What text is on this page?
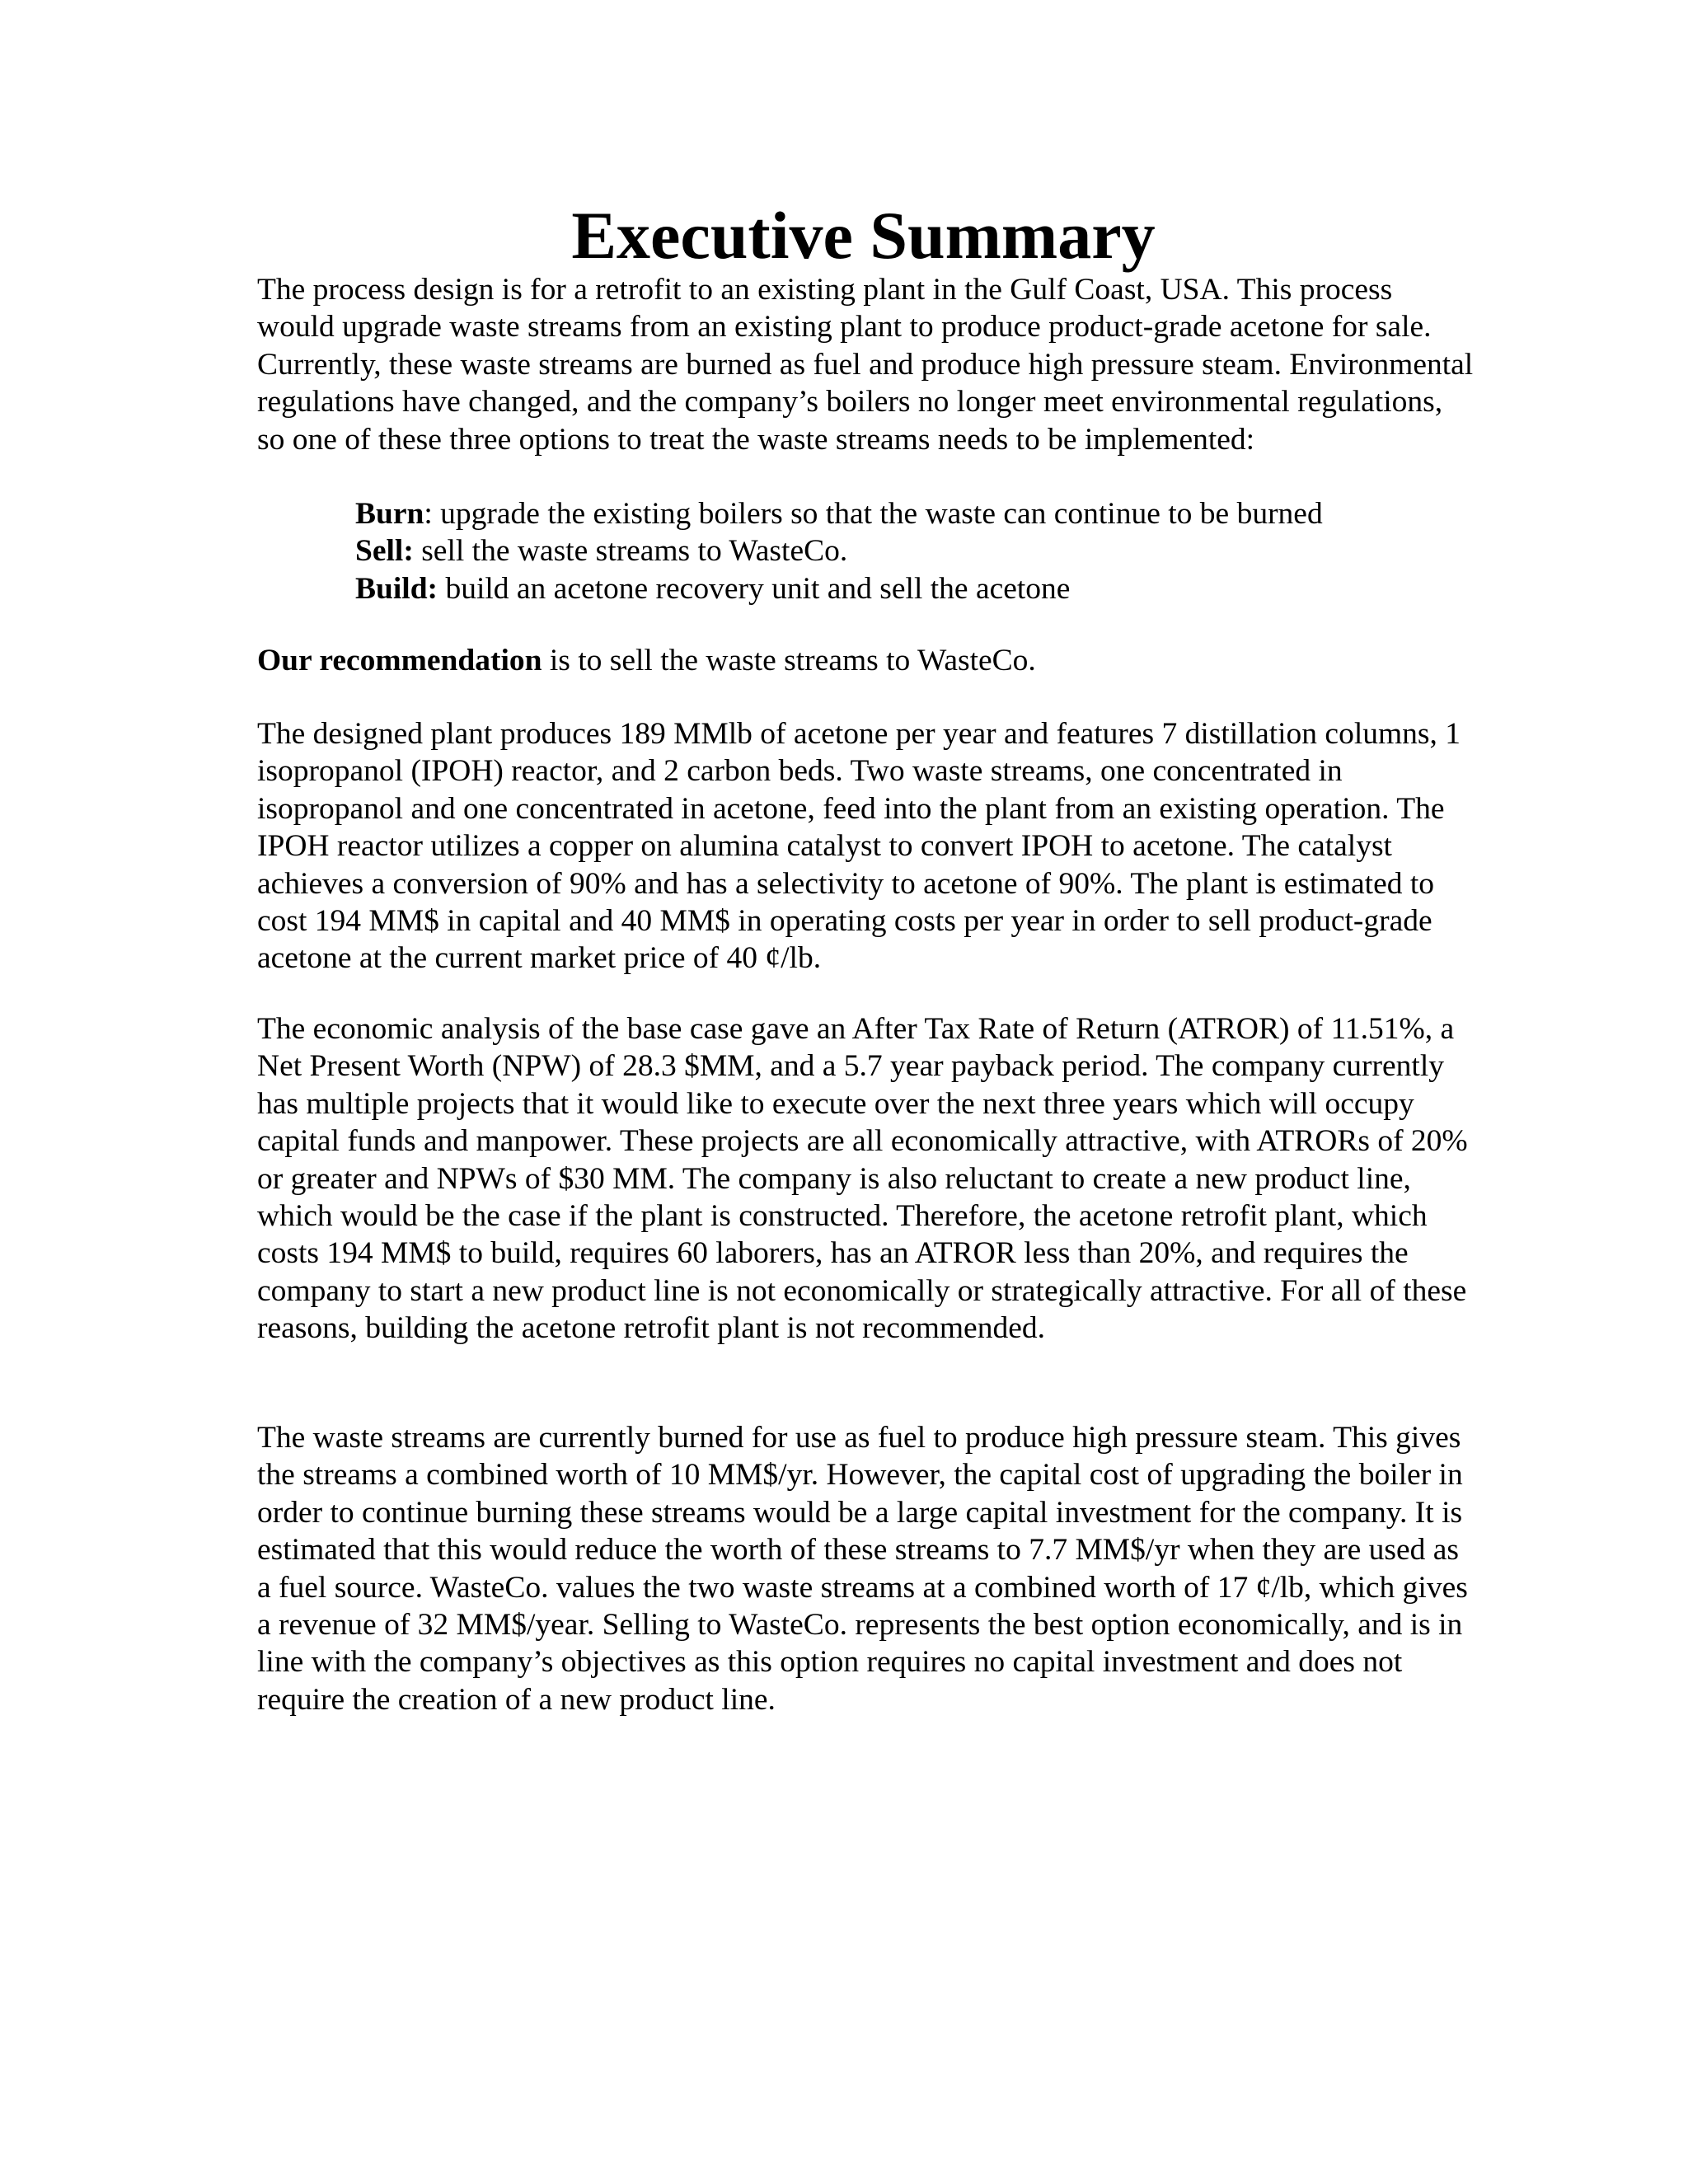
Executive Summary

The process design is for a retrofit to an existing plant in the Gulf Coast, USA. This process would upgrade waste streams from an existing plant to produce product-grade acetone for sale. Currently, these waste streams are burned as fuel and produce high pressure steam. Environmental regulations have changed, and the company’s boilers no longer meet environmental regulations, so one of these three options to treat the waste streams needs to be implemented:

Burn: upgrade the existing boilers so that the waste can continue to be burned
Sell: sell the waste streams to WasteCo.
Build: build an acetone recovery unit and sell the acetone

Our recommendation is to sell the waste streams to WasteCo.

The designed plant produces 189 MMlb of acetone per year and features 7 distillation columns, 1 isopropanol (IPOH) reactor, and 2 carbon beds. Two waste streams, one concentrated in isopropanol and one concentrated in acetone, feed into the plant from an existing operation. The IPOH reactor utilizes a copper on alumina catalyst to convert IPOH to acetone. The catalyst achieves a conversion of 90% and has a selectivity to acetone of 90%. The plant is estimated to cost 194 MM$ in capital and 40 MM$ in operating costs per year in order to sell product-grade acetone at the current market price of 40 ¢/lb.

The economic analysis of the base case gave an After Tax Rate of Return (ATROR) of 11.51%, a Net Present Worth (NPW) of 28.3 $MM, and a 5.7 year payback period. The company currently has multiple projects that it would like to execute over the next three years which will occupy capital funds and manpower. These projects are all economically attractive, with ATRORs of 20% or greater and NPWs of $30 MM. The company is also reluctant to create a new product line, which would be the case if the plant is constructed. Therefore, the acetone retrofit plant, which costs 194 MM$ to build, requires 60 laborers, has an ATROR less than 20%, and requires the company to start a new product line is not economically or strategically attractive. For all of these reasons, building the acetone retrofit plant is not recommended.

The waste streams are currently burned for use as fuel to produce high pressure steam. This gives the streams a combined worth of 10 MM$/yr. However, the capital cost of upgrading the boiler in order to continue burning these streams would be a large capital investment for the company. It is estimated that this would reduce the worth of these streams to 7.7 MM$/yr when they are used as a fuel source. WasteCo. values the two waste streams at a combined worth of 17 ¢/lb, which gives a revenue of 32 MM$/year. Selling to WasteCo. represents the best option economically, and is in line with the company’s objectives as this option requires no capital investment and does not require the creation of a new product line.
